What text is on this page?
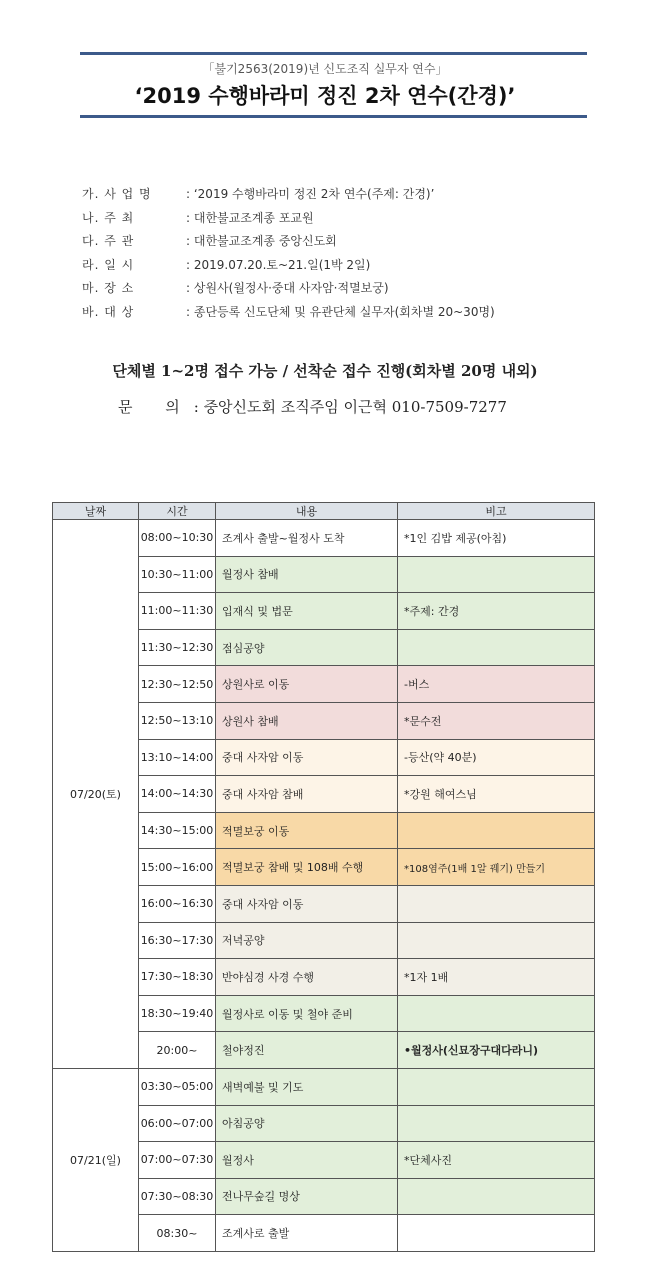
「불기2563(2019)년 신도조직 실무자 연수」
‘2019 수행바라미 정진 2차 연수(간경)’
가. 사 업 명	: ‘2019 수행바라미 정진 2차 연수(주제: 간경)’
나. 주 최	: 대한불교조계종 포교원
다. 주 관	: 대한불교조계종 중앙신도회
라. 일 시	: 2019.07.20.토~21.일(1박 2일)
마. 장 소	: 상원사(월정사·중대 사자암·적멸보궁)
바. 대 상	: 종단등록 신도단체 및 유관단체 실무자(회차별 20~30명)
단체별 1~2명 접수 가능 / 선착순 접수 진행(회차별 20명 내외)
문 의: 중앙신도회 조직주임 이근혁 010-7509-7277
날짜	시간	내용	비고
07/20(토)	08:00~10:30	조계사 출발~월정사 도착	*1인 김밥 제공(아침)
	10:30~11:00	월정사 참배	
	11:00~11:30	입재식 및 법문	*주제: 간경
	11:30~12:30	점심공양	
	12:30~12:50	상원사로 이동	-버스
	12:50~13:10	상원사 참배	*문수전
	13:10~14:00	중대 사자암 이동	-등산(약 40분)
	14:00~14:30	중대 사자암 참배	*강원 해여스님
	14:30~15:00	적멸보궁 이동	
	15:00~16:00	적멸보궁 참배 및 108배 수행	*108염주(1배 1알 꿰기) 만들기
	16:00~16:30	중대 사자암 이동	
	16:30~17:30	저녁공양	
	17:30~18:30	반야심경 사경 수행	*1자 1배
	18:30~19:40	월정사로 이동 및 철야 준비	
	20:00~	철야정진	•월정사(신묘장구대다라니)
07/21(일)	03:30~05:00	새벽예불 및 기도	
	06:00~07:00	아침공양	
	07:00~07:30	월정사	*단체사진
	07:30~08:30	전나무숲길 명상	
	08:30~	조계사로 출발	
